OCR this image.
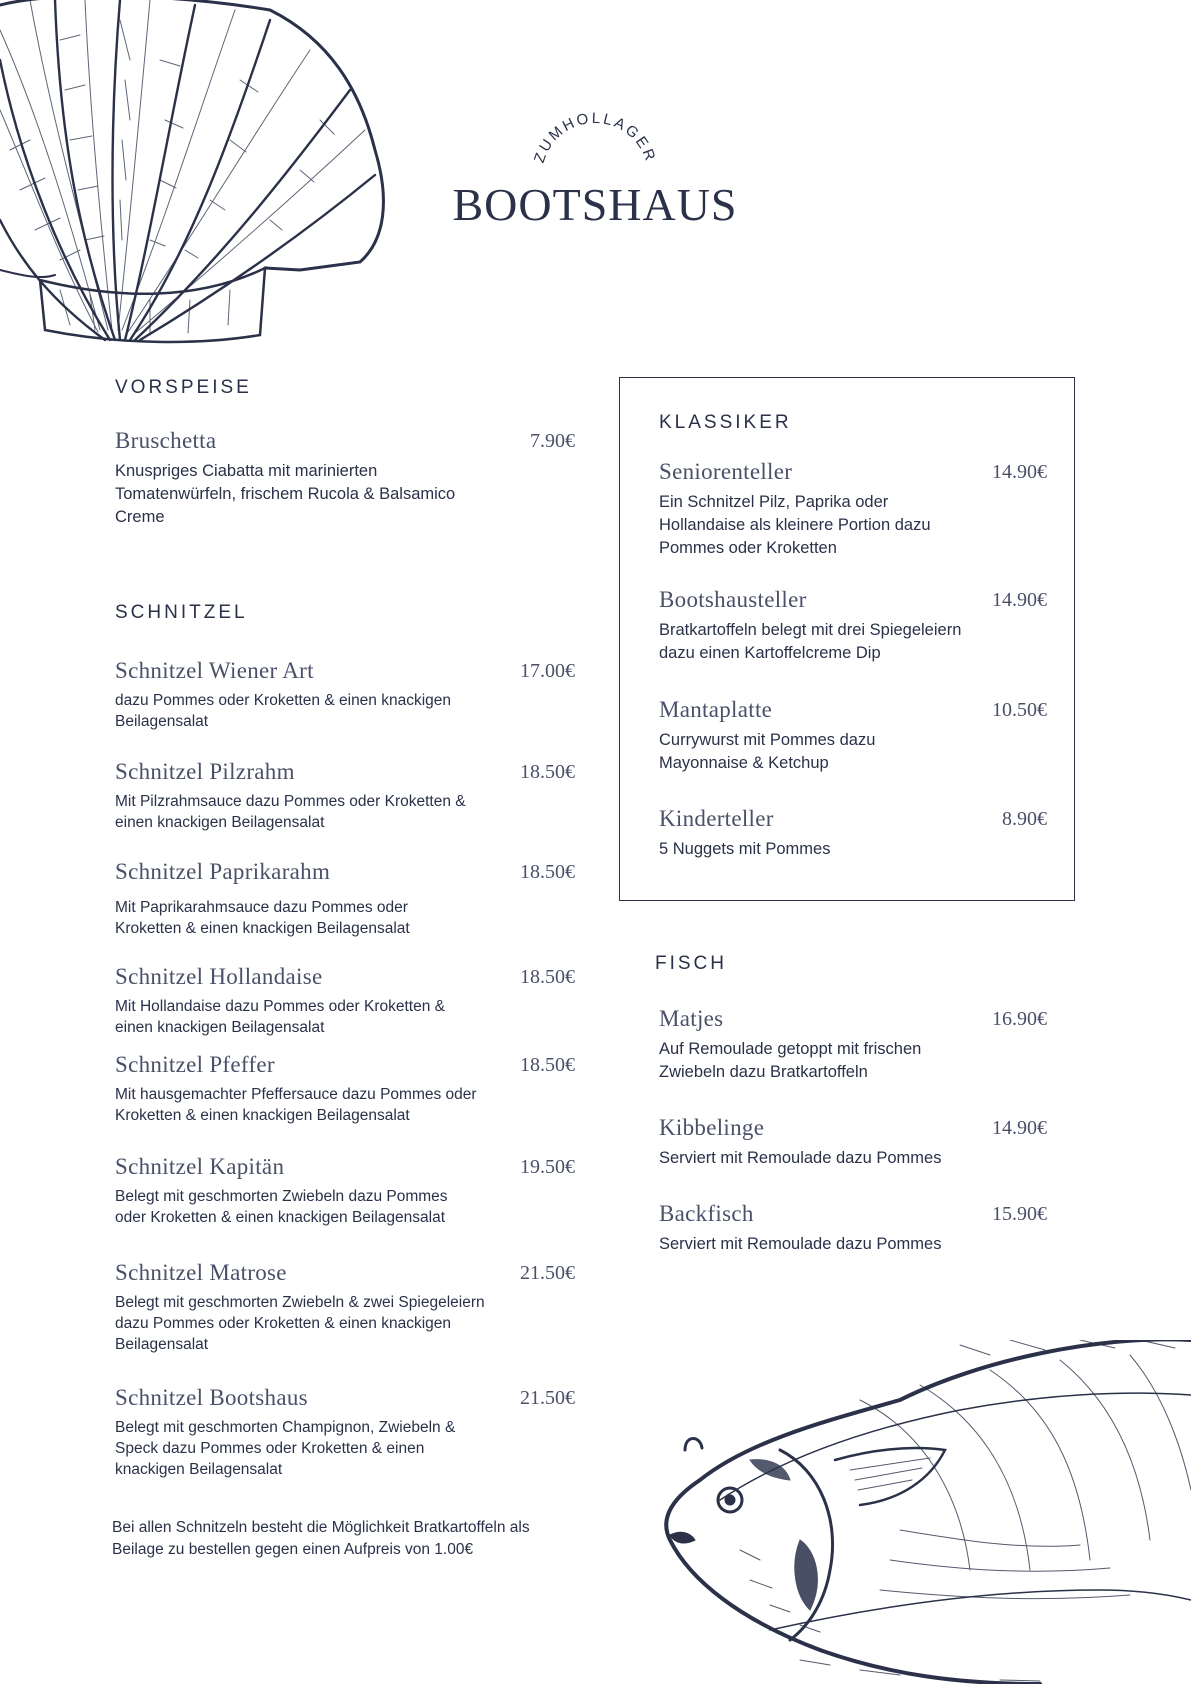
ZUMHOLLAGER
BOOTSHAUS
VORSPEISE
Bruschetta	7.90€
Knuspriges Ciabatta mit marinierten Tomatenwürfeln, frischem Rucola & Balsamico Creme
SCHNITZEL
Schnitzel Wiener Art	17.00€
dazu Pommes oder Kroketten & einen knackigen Beilagensalat
Schnitzel Pilzrahm	18.50€
Mit Pilzrahmsauce dazu Pommes oder Kroketten & einen knackigen Beilagensalat
Schnitzel Paprikarahm	18.50€
Mit Paprikarahmsauce dazu Pommes oder Kroketten & einen knackigen Beilagensalat
Schnitzel Hollandaise	18.50€
Mit Hollandaise dazu Pommes oder Kroketten & einen knackigen Beilagensalat
Schnitzel Pfeffer	18.50€
Mit hausgemachter Pfeffersauce dazu Pommes oder Kroketten & einen knackigen Beilagensalat
Schnitzel Kapitän	19.50€
Belegt mit geschmorten Zwiebeln dazu Pommes oder Kroketten & einen knackigen Beilagensalat
Schnitzel Matrose	21.50€
Belegt mit geschmorten Zwiebeln & zwei Spiegeleiern dazu Pommes oder Kroketten & einen knackigen Beilagensalat
Schnitzel Bootshaus	21.50€
Belegt mit geschmorten Champignon, Zwiebeln & Speck dazu Pommes oder Kroketten & einen knackigen Beilagensalat
Bei allen Schnitzeln besteht die Möglichkeit Bratkartoffeln als Beilage zu bestellen gegen einen Aufpreis von 1.00€
KLASSIKER
Seniorenteller	14.90€
Ein Schnitzel Pilz, Paprika oder Hollandaise als kleinere Portion dazu Pommes oder Kroketten
Bootshausteller	14.90€
Bratkartoffeln belegt mit drei Spiegeleiern dazu einen Kartoffelcreme Dip
Mantaplatte	10.50€
Currywurst mit Pommes dazu Mayonnaise & Ketchup
Kinderteller	8.90€
5 Nuggets mit Pommes
FISCH
Matjes	16.90€
Auf Remoulade getoppt mit frischen Zwiebeln dazu Bratkartoffeln
Kibbelinge	14.90€
Serviert mit Remoulade dazu Pommes
Backfisch	15.90€
Serviert mit Remoulade dazu Pommes
